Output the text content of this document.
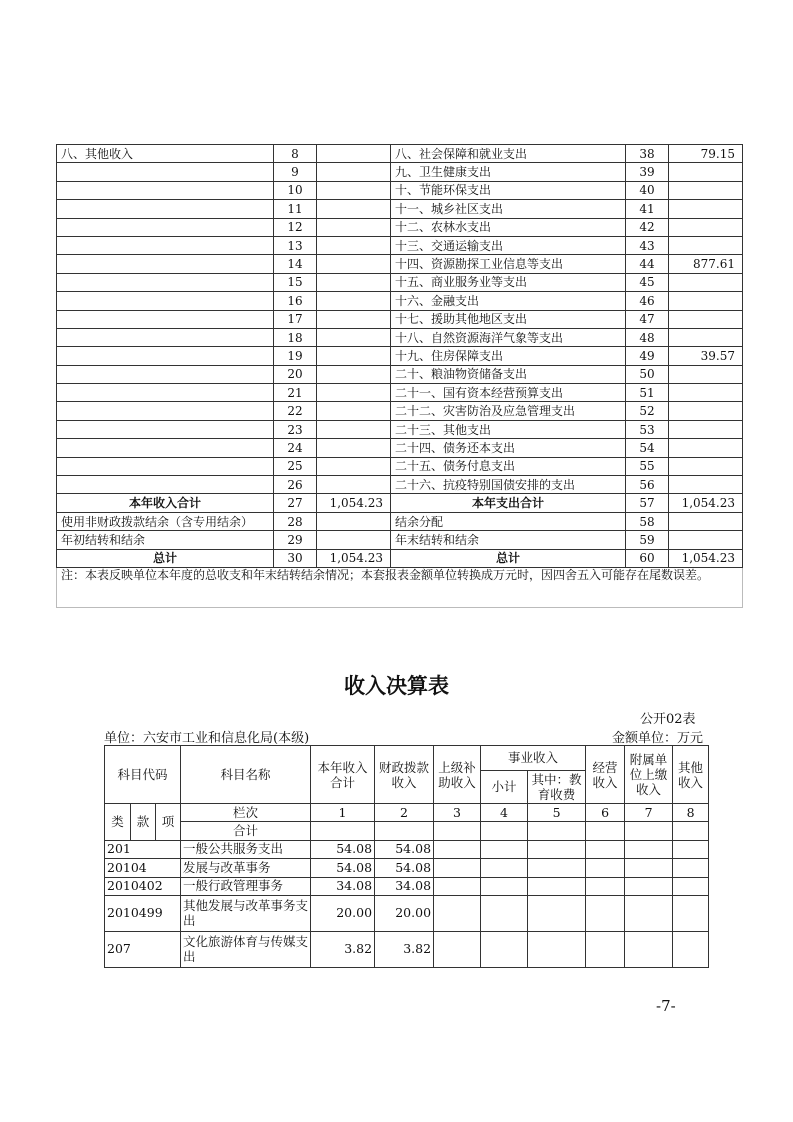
八、其他收入	8		八、社会保障和就业支出	38	79.15
	9		九、卫生健康支出	39	
	10		十、节能环保支出	40	
	11		十一、城乡社区支出	41	
	12		十二、农林水支出	42	
	13		十三、交通运输支出	43	
	14		十四、资源勘探工业信息等支出	44	877.61
	15		十五、商业服务业等支出	45	
	16		十六、金融支出	46	
	17		十七、援助其他地区支出	47	
	18		十八、自然资源海洋气象等支出	48	
	19		十九、住房保障支出	49	39.57
	20		二十、粮油物资储备支出	50	
	21		二十一、国有资本经营预算支出	51	
	22		二十二、灾害防治及应急管理支出	52	
	23		二十三、其他支出	53	
	24		二十四、债务还本支出	54	
	25		二十五、债务付息支出	55	
	26		二十六、抗疫特别国债安排的支出	56	
本年收入合计	27	1,054.23	本年支出合计	57	1,054.23
使用非财政拨款结余（含专用结余）	28		结余分配	58	
年初结转和结余	29		年末结转和结余	59	
总计	30	1,054.23	总计	60	1,054.23
注：本表反映单位本年度的总收支和年末结转结余情况；本套报表金额单位转换成万元时，因四舍五入可能存在尾数误差。					
收入决算表
公开02表
单位：六安市工业和信息化局(本级)	金额单位：万元
科目代码			科目名称	本年收入合计	财政拨款收入	上级补助收入	事业收入		经营收入	附属单位上缴收入	其他收入
							小计	其中：教育收费			
类	款	项	栏次	1	2	3	4	5	6	7	8
			合计								
201			一般公共服务支出	54.08	54.08						
20104			发展与改革事务	54.08	54.08						
2010402			一般行政管理事务	34.08	34.08						
2010499			其他发展与改革事务支出	20.00	20.00						
207			文化旅游体育与传媒支出	3.82	3.82						
-7-
